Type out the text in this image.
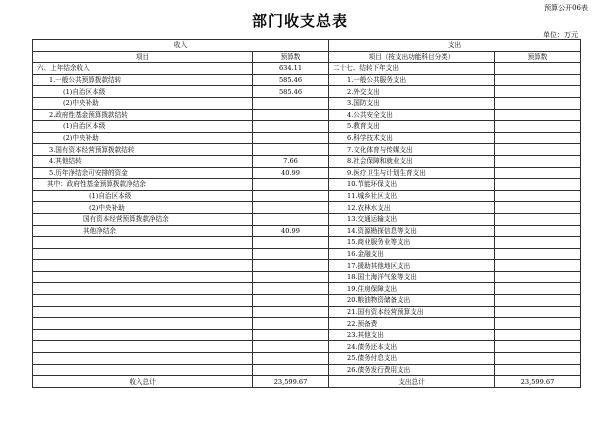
预算公开06表
部门收支总表
单位：万元
收入		支出	
项目	预算数	项目（按支出功能科目分类）	预算数
六、上年结余收入	634.11	二十七、结转下年支出	
1.一般公共预算拨款结转	585.46	1.一般公共服务支出	
(1)自治区本级	585.46	2.外交支出	
(2)中央补助		3.国防支出	
2.政府性基金预算拨款结转		4.公共安全支出	
(1)自治区本级		5.教育支出	
(2)中央补助		6.科学技术支出	
3.国有资本经营预算拨款结转		7.文化体育与传媒支出	
4.其他结转	7.66	8.社会保障和就业支出	
5.历年净结余可安排的资金	40.99	9.医疗卫生与计划生育支出	
其中：政府性基金预算拨款净结余		10.节能环保支出	
(1)自治区本级		11.城乡社区支出	
(2)中央补助		12.农林水支出	
国有资本经营预算拨款净结余		13.交通运输支出	
其他净结余	40.99	14.资源勘探信息等支出	
		15.商业服务业等支出	
		16.金融支出	
		17.援助其他地区支出	
		18.国土海洋气象等支出	
		19.住房保障支出	
		20.粮油物资储备支出	
		21.国有资本经营预算支出	
		22.预备费	
		23.其他支出	
		24.债务还本支出	
		25.债务付息支出	
		26.债务发行费用支出	
收入总计	23,599.67	支出总计	23,599.67
